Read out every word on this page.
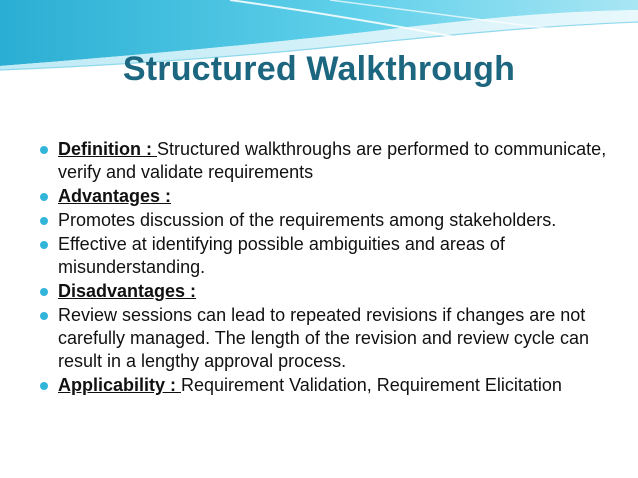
Structured Walkthrough
Definition : Structured walkthroughs are performed to communicate, verify and validate requirements
Advantages :
Promotes discussion of the requirements among stakeholders.
Effective at identifying possible ambiguities and areas of misunderstanding.
Disadvantages :
Review sessions can lead to repeated revisions if changes are not carefully managed. The length of the revision and review cycle can result in a lengthy approval process.
Applicability : Requirement Validation, Requirement Elicitation
